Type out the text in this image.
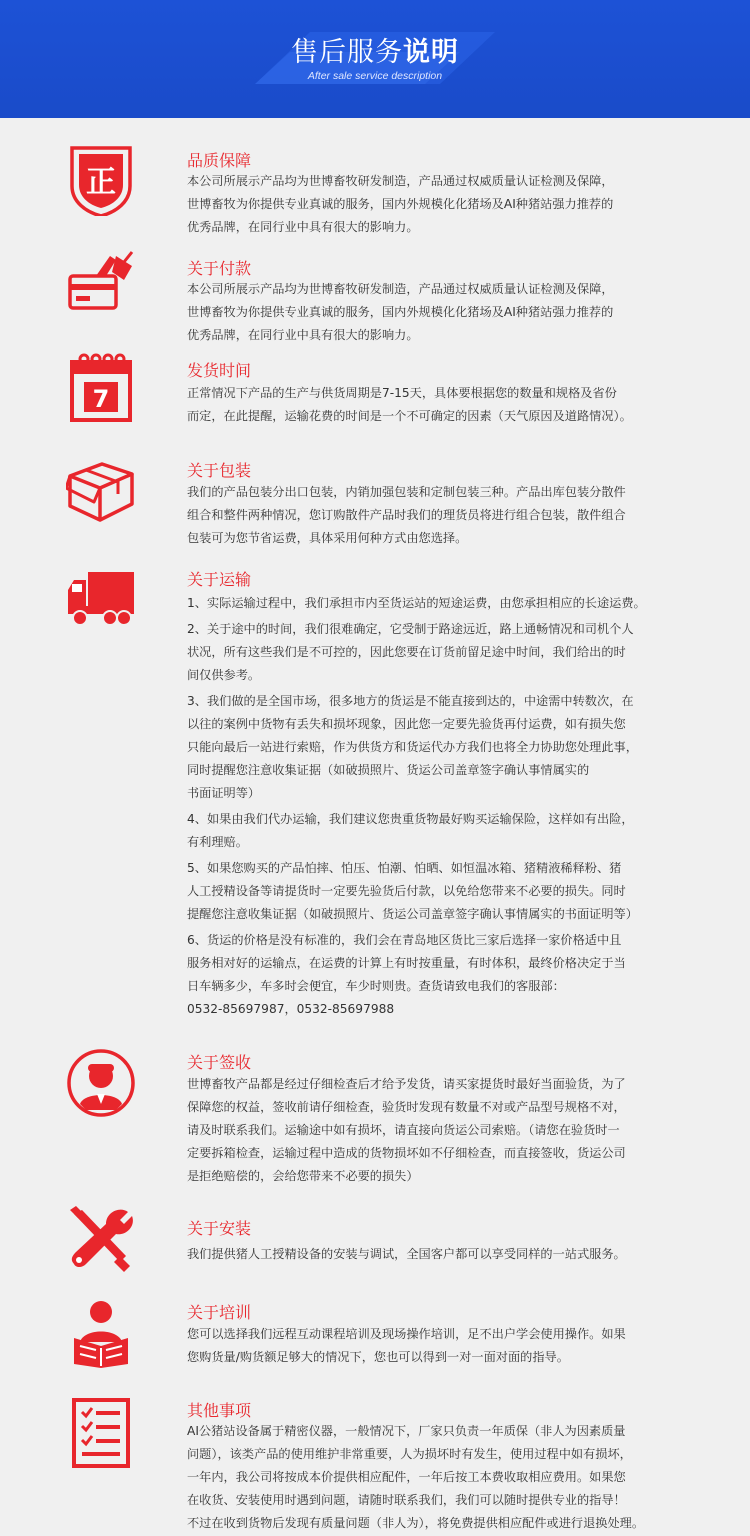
售后服务说明
After sale service description
正
品质保障
本公司所展示产品均为世博畜牧研发制造，产品通过权威质量认证检测及保障，
世博畜牧为你提供专业真诚的服务，国内外规模化化猪场及AI种猪站强力推荐的
优秀品牌，在同行业中具有很大的影响力。
关于付款
本公司所展示产品均为世博畜牧研发制造，产品通过权威质量认证检测及保障，
世博畜牧为你提供专业真诚的服务，国内外规模化化猪场及AI种猪站强力推荐的
优秀品牌，在同行业中具有很大的影响力。
7
发货时间
正常情况下产品的生产与供货周期是7-15天，具体要根据您的数量和规格及省份
而定，在此提醒，运输花费的时间是一个不可确定的因素（天气原因及道路情况）。
关于包装
我们的产品包装分出口包装，内销加强包装和定制包装三种。产品出库包装分散件
组合和整件两种情况，您订购散件产品时我们的理货员将进行组合包装，散件组合
包装可为您节省运费，具体采用何种方式由您选择。
关于运输
1、实际运输过程中，我们承担市内至货运站的短途运费，由您承担相应的长途运费。
2、关于途中的时间，我们很难确定，它受制于路途远近，路上通畅情况和司机个人
状况，所有这些我们是不可控的，因此您要在订货前留足途中时间，我们给出的时
间仅供参考。
3、我们做的是全国市场，很多地方的货运是不能直接到达的，中途需中转数次，在
以往的案例中货物有丢失和损坏现象，因此您一定要先验货再付运费，如有损失您
只能向最后一站进行索赔，作为供货方和货运代办方我们也将全力协助您处理此事，
同时提醒您注意收集证据（如破损照片、货运公司盖章签字确认事情属实的
书面证明等）
4、如果由我们代办运输，我们建议您贵重货物最好购买运输保险，这样如有出险，
有利理赔。
5、如果您购买的产品怕摔、怕压、怕潮、怕晒、如恒温冰箱、猪精液稀释粉、猪
人工授精设备等请提货时一定要先验货后付款，以免给您带来不必要的损失。同时
提醒您注意收集证据（如破损照片、货运公司盖章签字确认事情属实的书面证明等）
6、货运的价格是没有标准的，我们会在青岛地区货比三家后选择一家价格适中且
服务相对好的运输点，在运费的计算上有时按重量，有时体积，最终价格决定于当
日车辆多少，车多时会便宜，车少时则贵。查货请致电我们的客服部：
0532-85697987，0532-85697988
关于签收
世博畜牧产品都是经过仔细检查后才给予发货，请买家提货时最好当面验货，为了
保障您的权益，签收前请仔细检查，验货时发现有数量不对或产品型号规格不对，
请及时联系我们。运输途中如有损坏，请直接向货运公司索赔。（请您在验货时一
定要拆箱检查，运输过程中造成的货物损坏如不仔细检查，而直接签收，货运公司
是拒绝赔偿的，会给您带来不必要的损失）
关于安装
我们提供猪人工授精设备的安装与调试，全国客户都可以享受同样的一站式服务。
关于培训
您可以选择我们远程互动课程培训及现场操作培训，足不出户学会使用操作。如果
您购货量/购货额足够大的情况下，您也可以得到一对一面对面的指导。
其他事项
AI公猪站设备属于精密仪器，一般情况下，厂家只负责一年质保（非人为因素质量
问题），该类产品的使用维护非常重要，人为损坏时有发生，使用过程中如有损坏，
一年内，我公司将按成本价提供相应配件，一年后按工本费收取相应费用。如果您
在收货、安装使用时遇到问题，请随时联系我们，我们可以随时提供专业的指导！
不过在收到货物后发现有质量问题（非人为），将免费提供相应配件或进行退换处理。
